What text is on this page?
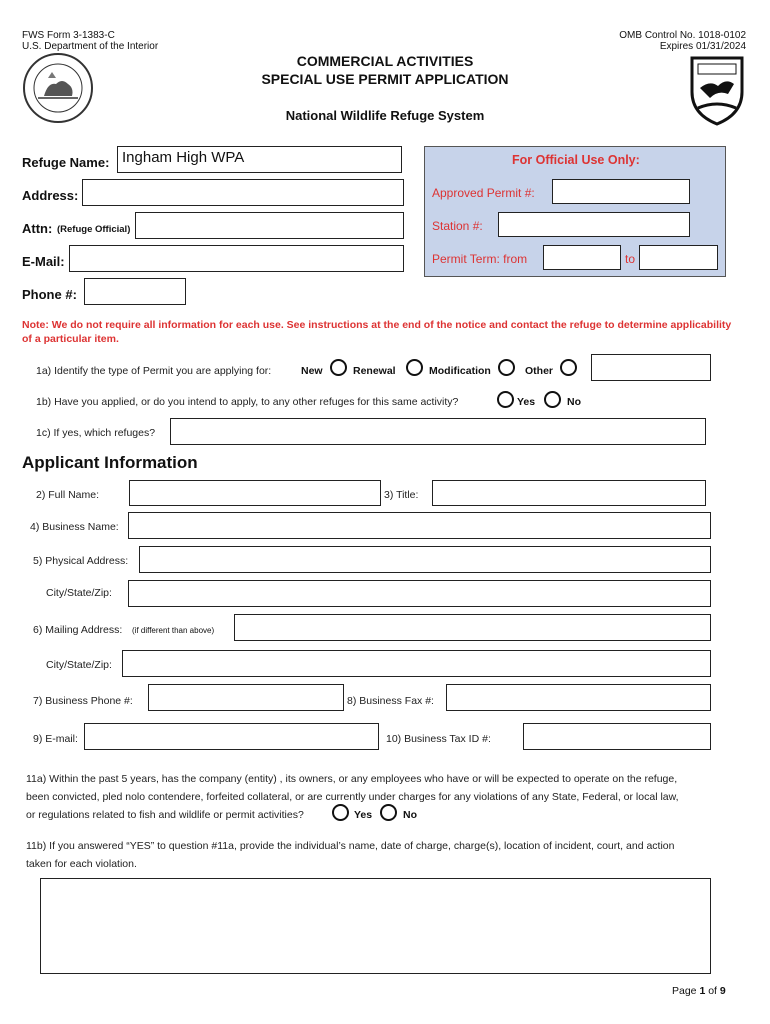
FWS Form 3-1383-C
U.S. Department of the Interior
OMB Control No. 1018-0102
Expires 01/31/2024
COMMERCIAL ACTIVITIES
SPECIAL USE PERMIT APPLICATION
National Wildlife Refuge System
Refuge Name: Ingham High WPA
Address:
Attn: (Refuge Official)
E-Mail:
Phone #:
For Official Use Only:
Approved Permit #:
Station #:
Permit Term: from	to
Note: We do not require all information for each use. See instructions at the end of the notice and contact the refuge to determine applicability of a particular item.
1a) Identify the type of Permit you are applying for:	New	Renewal	Modification	Other
1b) Have you applied, or do you intend to apply, to any other refuges for this same activity?	Yes	No
1c) If yes, which refuges?
Applicant Information
2) Full Name:	3) Title:
4) Business Name:
5) Physical Address:
City/State/Zip:
6) Mailing Address: (if different than above)
City/State/Zip:
7) Business Phone #:	8) Business Fax #:
9) E-mail:	10) Business Tax ID #:
11a) Within the past 5 years, has the company (entity) , its owners, or any employees who have or will be expected to operate on the refuge,
been convicted, pled nolo contendere, forfeited collateral, or are currently under charges for any violations of any State, Federal, or local law,
or regulations related to fish and wildlife or permit activities?	Yes	No
11b) If you answered “YES” to question #11a, provide the individual’s name, date of charge, charge(s), location of incident, court, and action
taken for each violation.
Page 1 of 9
